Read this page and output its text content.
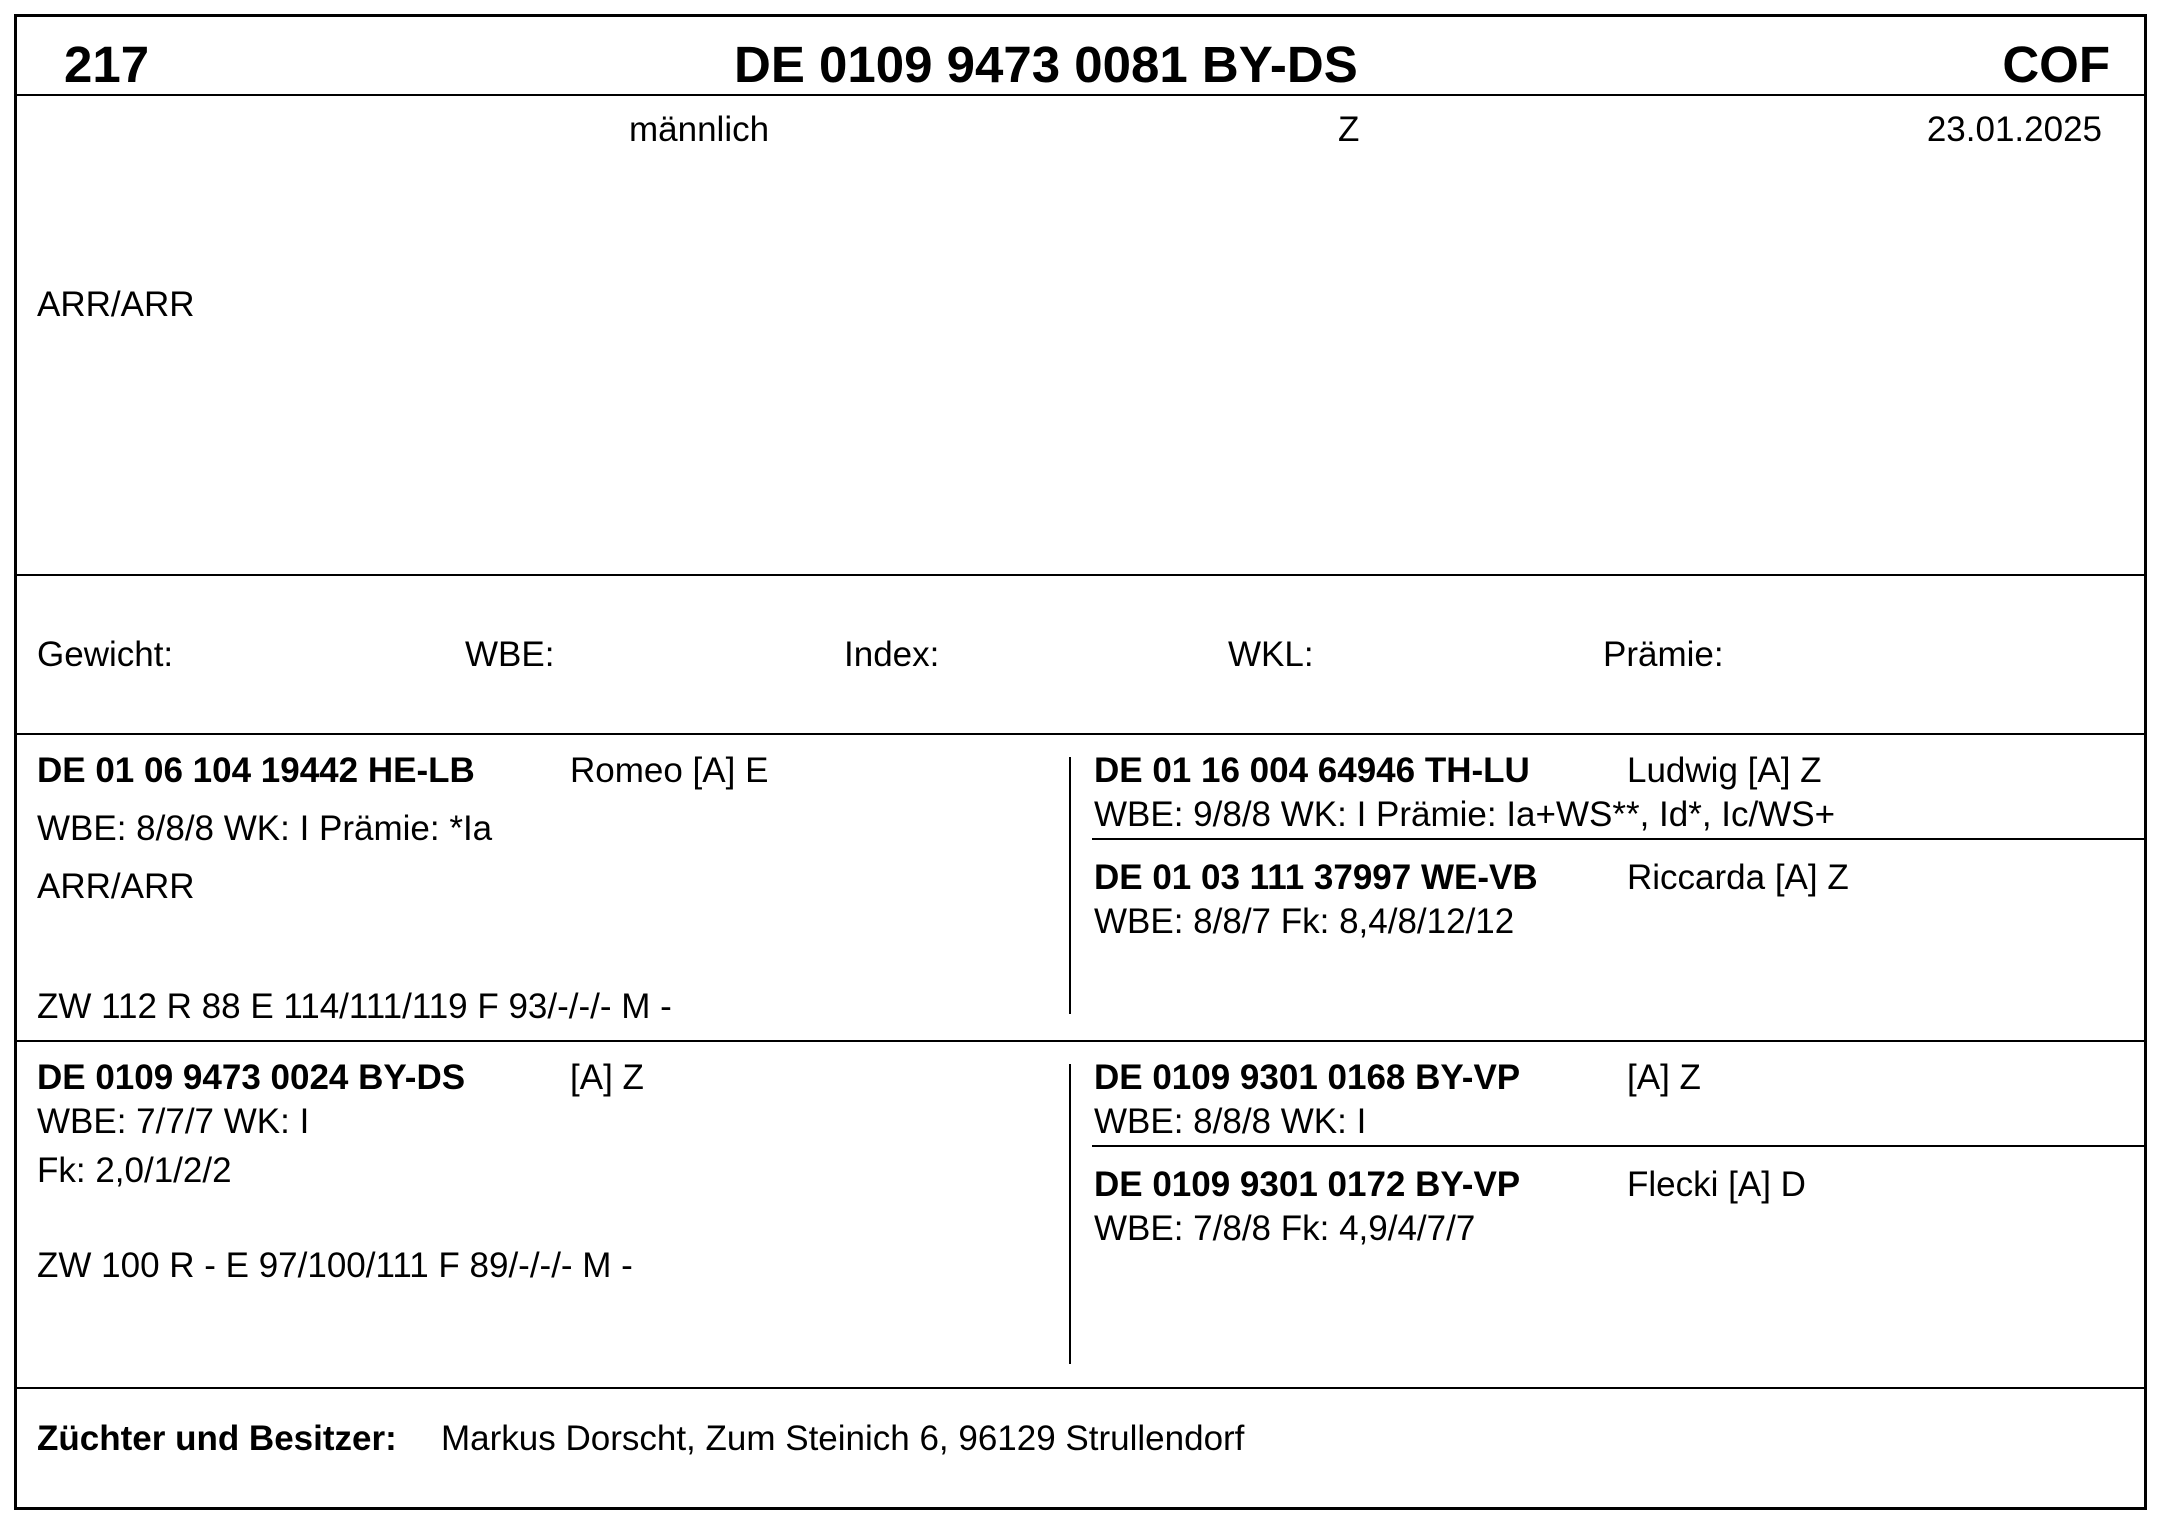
217	DE 0109 9473 0081 BY-DS	COF
männlich	Z	23.01.2025
ARR/ARR
Gewicht:	WBE:	Index:	WKL:	Prämie:
DE 01 06 104 19442 HE-LB	Romeo [A] E
WBE: 8/8/8 WK: I Prämie: *Ia
ARR/ARR
ZW 112 R 88 E 114/111/119 F 93/-/-/- M -
DE 01 16 004 64946 TH-LU	Ludwig [A] Z
WBE: 9/8/8 WK: I Prämie: Ia+WS**, Id*, Ic/WS+
DE 01 03 111 37997 WE-VB	Riccarda [A] Z
WBE: 8/8/7 Fk: 8,4/8/12/12
DE 0109 9473 0024 BY-DS	[A] Z
WBE: 7/7/7 WK: I
Fk: 2,0/1/2/2
ZW 100 R - E 97/100/111 F 89/-/-/- M -
DE 0109 9301 0168 BY-VP	[A] Z
WBE: 8/8/8 WK: I
DE 0109 9301 0172 BY-VP	Flecki [A] D
WBE: 7/8/8 Fk: 4,9/4/7/7
Züchter und Besitzer: Markus Dorscht, Zum Steinich 6, 96129 Strullendorf
